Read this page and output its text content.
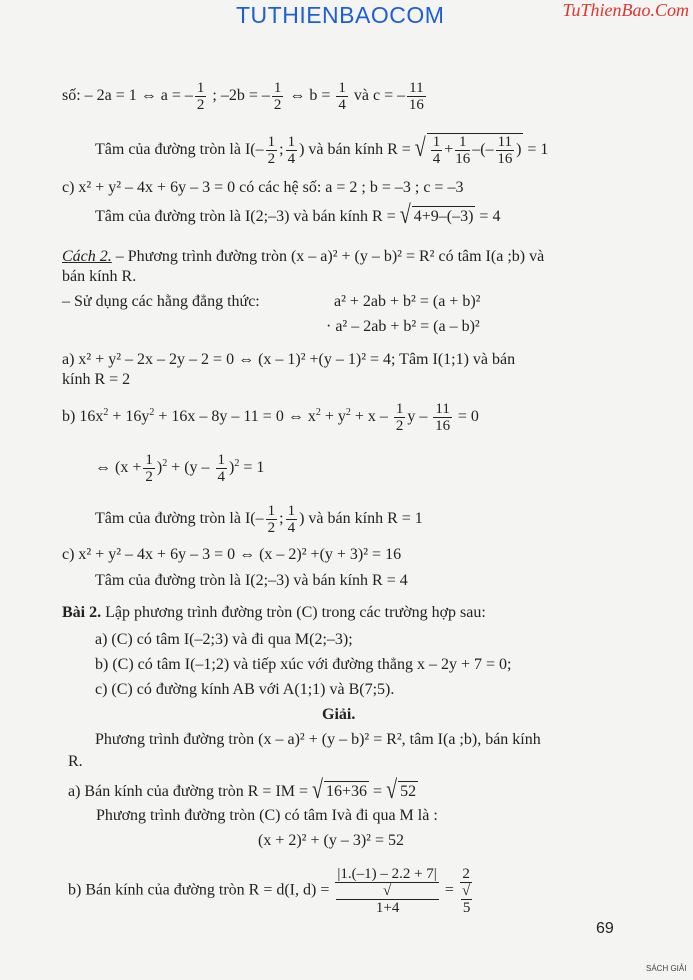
TUTHIENBAOCOM	TuThienBao.Com
số: – 2a = 1 ⇔ a = – $\frac{1}{2}$ ; –2b = – $\frac{1}{2}$ ⇔ $b = \frac{1}{4}$ và c = – $\frac{11}{16}$
Tâm của đường tròn là $I(- \frac{1}{2}$ ; $\frac{1}{4}$ ) và bán kính R = √ $\frac{1}{4} + \frac{1}{16}$ –(– $\frac{11}{16}$ ) = 1
c) x² + y² – 4x + 6y – 3 = 0 có các hệ số: a = 2 ; b = –3 ; c = –3
Tâm của đường tròn là I(2;–3) và bán kính R = √ 4+9–(–3) = 4
Cách 2. – Phương trình đường tròn (x – a)² + (y – b)² = R² có tâm I(a ;b) và
bán kính R.
– Sử dụng các hằng đẳng thức:	a² + 2ab + b² = (a + b)²
· a² – 2ab + b² = (a – b)²
a) x² + y² – 2x – 2y – 2 = 0 ⇔ (x – 1)² +(y – 1)² = 4; Tâm I(1;1) và bán
kính R = 2
b) $16x^2 + 16y^2 + 16x - 8y - 11 = 0$ ⇔ $x^2 + y^2 + x - \frac{1}{2}$ $y - \frac{11}{16} = 0$
⇔ $(x + \frac{1}{2} )^2 + (y - \frac{1}{4} )^2 = 1$
Tâm của đường tròn là $I(- \frac{1}{2}$ ; $\frac{1}{4}$ ) và bán kính R = 1
c) x² + y² – 4x + 6y – 3 = 0 ⇔ (x – 2)² +(y + 3)² = 16
Tâm của đường tròn là I(2;–3) và bán kính R = 4
Bài 2. Lập phương trình đường tròn (C) trong các trường hợp sau:
a) (C) có tâm I(–2;3) và đi qua M(2;–3);
b) (C) có tâm I(–1;2) và tiếp xúc với đường thẳng x – 2y + 7 = 0;
c) (C) có đường kính AB với A(1;1) và B(7;5).
Giải.
Phương trình đường tròn (x – a)² + (y – b)² = R², tâm I(a ;b), bán kính
R.
a) Bán kính của đường tròn R = IM = √ 16+36 = √ 52
Phương trình đường tròn (C) có tâm Ivà đi qua M là :
(x + 2)² + (y – 3)² = 52
b) Bán kính của đường tròn R = d(I, d) = |1.(–1) – 2.2 + 7|
√
1+4 = 2
√
5
69
SÁCH GIẢI
